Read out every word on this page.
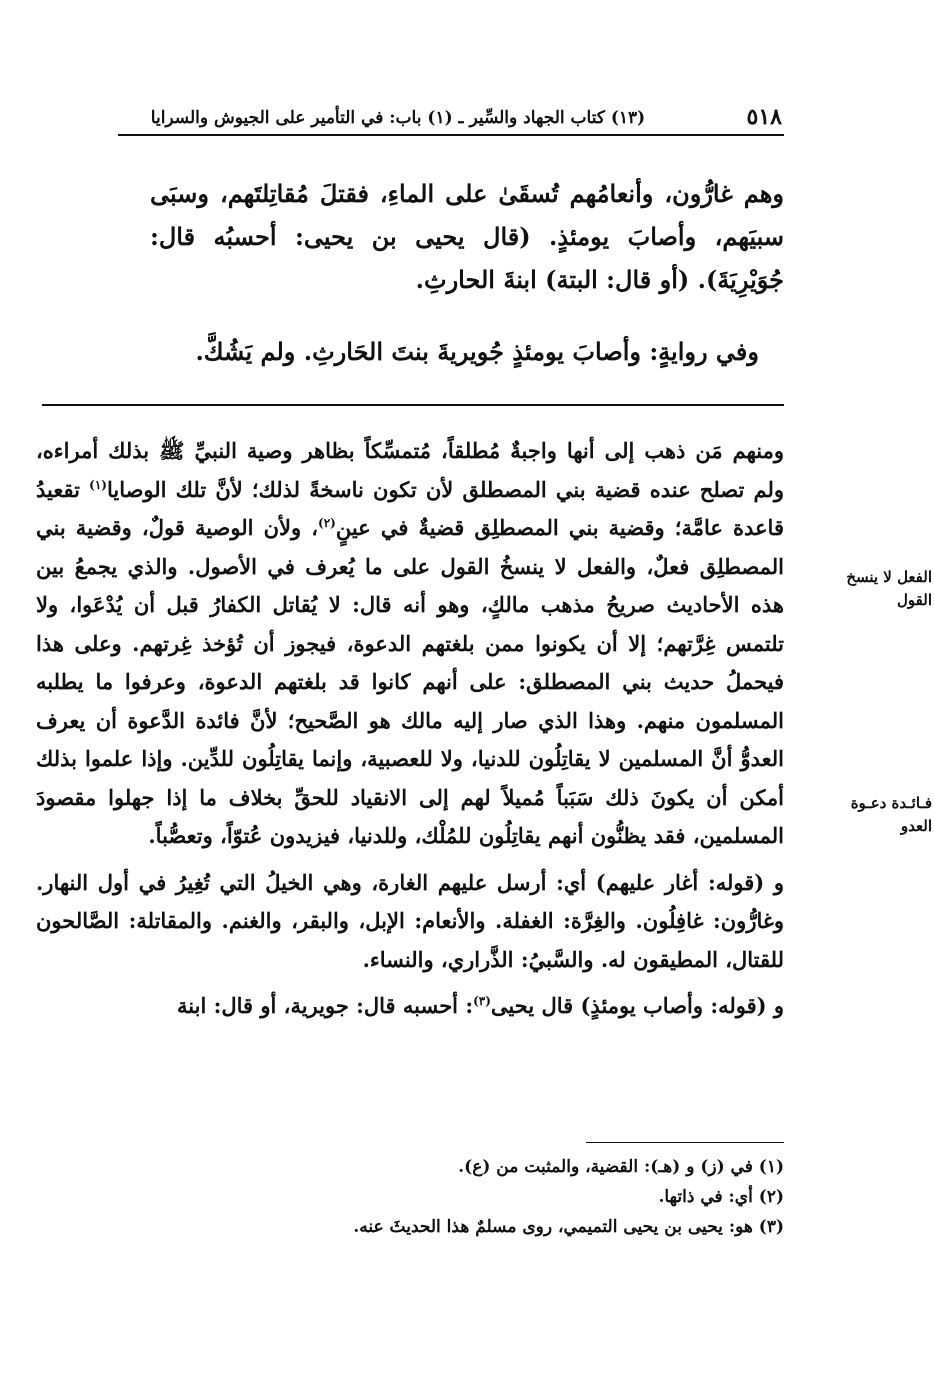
٥١٨
(١٣) كتاب الجهاد والسِّير ـ (١) باب: في التأمير على الجيوش والسرايا
وهم غارُّون، وأنعامُهم تُسقَىٰ على الماءِ، فقتلَ مُقاتِلتَهم، وسبَى سبيَهم، وأصابَ يومئذٍ. (قال يحيى بن يحيى: أحسبُه قال: جُوَيْرِيَةَ). (أو قال: البتة) ابنةَ الحارثِ.
وفي روايةٍ: وأصابَ يومئذٍ جُويريةَ بنتَ الحَارثِ. ولم يَشُكَّ.

ومنهم مَن ذهب إلى أنها واجبةٌ مُطلقاً، مُتمسِّكاً بظاهر وصية النبيِّ ﷺ بذلك أمراءه، ولم تصلح عنده قضية بني المصطلق لأن تكون ناسخةً لذلك؛ لأنَّ تلك الوصايا$^{(١)}$ تقعيدُ قاعدة عامَّة؛ وقضية بني المصطلِق قضيةٌ في عينٍ$^{(٢)}$، ولأن الوصية قولٌ، وقضية بني المصطلِق فعلٌ، والفعل لا ينسخُ القول على ما يُعرف في الأصول. والذي يجمعُ بين هذه الأحاديث صريحُ مذهب مالكٍ، وهو أنه قال: لا يُقاتل الكفارُ قبل أن يُدْعَوا، ولا تلتمس غِرَّتهم؛ إلا أن يكونوا ممن بلغتهم الدعوة، فيجوز أن تُؤخذ غِرتهم. وعلى هذا فيحملُ حديث بني المصطلق: على أنهم كانوا قد بلغتهم الدعوة، وعرفوا ما يطلبه المسلمون منهم. وهذا الذي صار إليه مالك هو الصَّحيح؛ لأنَّ فائدة الدَّعوة أن يعرف العدوُّ أنَّ المسلمين لا يقاتِلُون للدنيا، ولا للعصبية، وإنما يقاتِلُون للدِّين. وإذا علموا بذلك أمكن أن يكونَ ذلك سَبَباً مُميلاً لهم إلى الانقياد للحقِّ بخلاف ما إذا جهلوا مقصودَ المسلمين، فقد يظنُّون أنهم يقاتِلُون للمُلْك، وللدنيا، فيزيدون عُتوّاً، وتعصُّباً.

و (قوله: أغار عليهم) أي: أرسل عليهم الغارة، وهي الخيلُ التي تُغِيرُ في أول النهار. وغارُّون: غافِلُون. والغِرَّة: الغفلة. والأنعام: الإبل، والبقر، والغنم. والمقاتلة: الصَّالحون للقتال، المطيقون له. والسَّبيُ: الذَّراري، والنساء.

و (قوله: وأصاب يومئذٍ) قال يحيى$^{(٣)}$: أحسبه قال: جويرية، أو قال: ابنة

الفعل لا ينسخ القول
فـائـدة دعـوة العدو
(١) في (ز) و (هـ): القضية، والمثبت من (ع).
(٢) أي: في ذاتها.
(٣) هو: يحيى بن يحيى التميمي، روى مسلمٌ هذا الحديثَ عنه.
